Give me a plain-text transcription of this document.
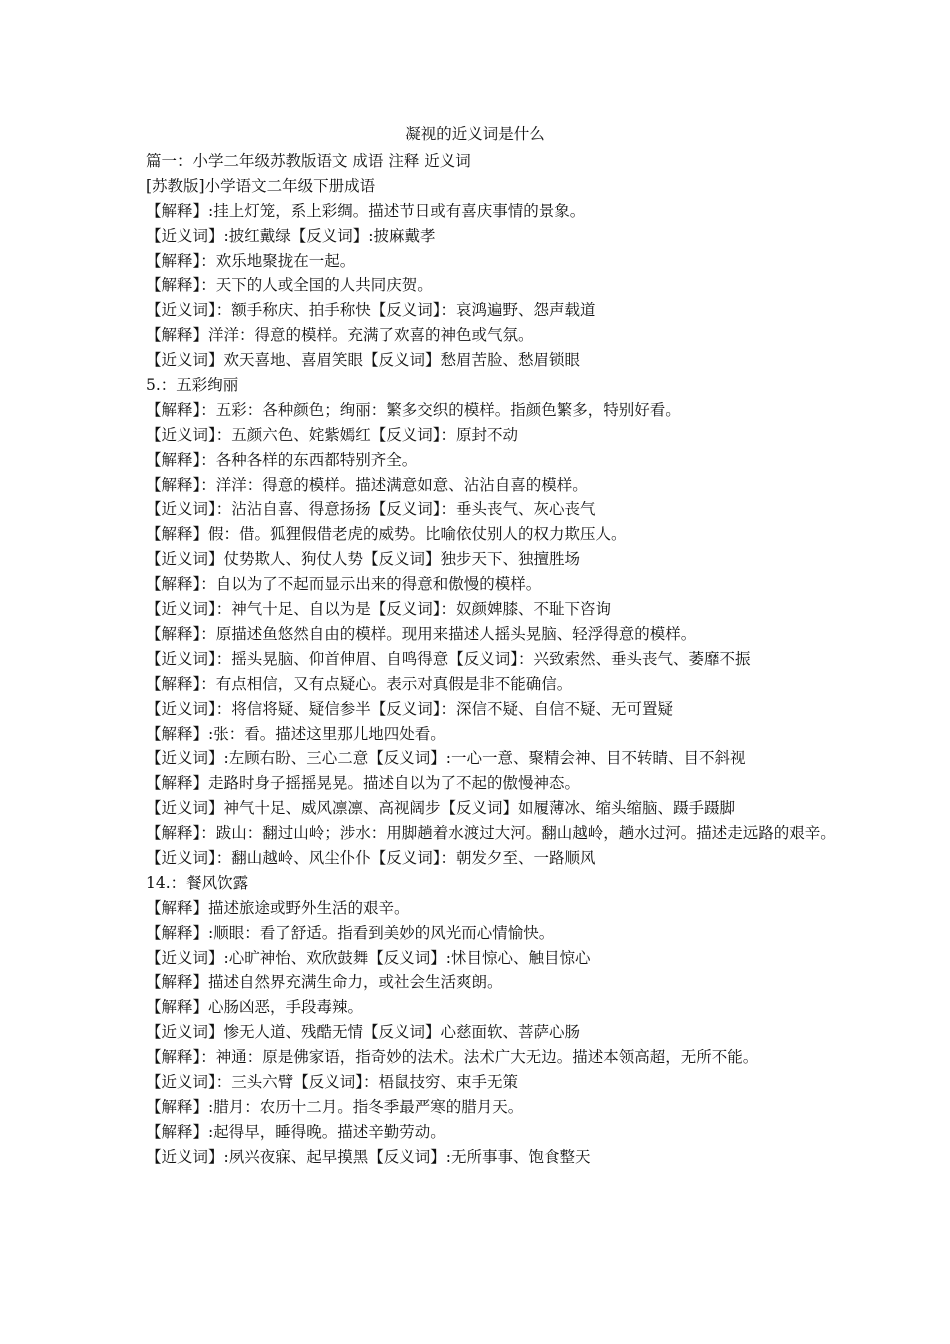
凝视的近义词是什么
篇一：小学二年级苏教版语文 成语 注释 近义词
[苏教版]小学语文二年级下册成语
【解释】:挂上灯笼，系上彩绸。描述节日或有喜庆事情的景象。
【近义词】:披红戴绿【反义词】:披麻戴孝
【解释】：欢乐地聚拢在一起。
【解释】：天下的人或全国的人共同庆贺。
【近义词】：额手称庆、拍手称快【反义词】：哀鸿遍野、怨声载道
【解释】洋洋：得意的模样。充满了欢喜的神色或气氛。
【近义词】欢天喜地、喜眉笑眼【反义词】愁眉苦脸、愁眉锁眼
5.：五彩绚丽
【解释】：五彩：各种颜色；绚丽：繁多交织的模样。指颜色繁多，特别好看。
【近义词】：五颜六色、姹紫嫣红【反义词】：原封不动
【解释】：各种各样的东西都特别齐全。
【解释】：洋洋：得意的模样。描述满意如意、沾沾自喜的模样。
【近义词】：沾沾自喜、得意扬扬【反义词】：垂头丧气、灰心丧气
【解释】假：借。狐狸假借老虎的威势。比喻依仗别人的权力欺压人。
【近义词】仗势欺人、狗仗人势【反义词】独步天下、独擅胜场
【解释】：自以为了不起而显示出来的得意和傲慢的模样。
【近义词】：神气十足、自以为是【反义词】：奴颜婢膝、不耻下咨询
【解释】：原描述鱼悠然自由的模样。现用来描述人摇头晃脑、轻浮得意的模样。
【近义词】：摇头晃脑、仰首伸眉、自鸣得意【反义词】：兴致索然、垂头丧气、萎靡不振
【解释】：有点相信，又有点疑心。表示对真假是非不能确信。
【近义词】：将信将疑、疑信参半【反义词】：深信不疑、自信不疑、无可置疑
【解释】:张：看。描述这里那儿地四处看。
【近义词】:左顾右盼、三心二意【反义词】:一心一意、聚精会神、目不转睛、目不斜视
【解释】走路时身子摇摇晃晃。描述自以为了不起的傲慢神态。
【近义词】神气十足、威风凛凛、高视阔步【反义词】如履薄冰、缩头缩脑、蹑手蹑脚
【解释】：跋山：翻过山岭；涉水：用脚趟着水渡过大河。翻山越岭，趟水过河。描述走远路的艰辛。
【近义词】：翻山越岭、风尘仆仆【反义词】：朝发夕至、一路顺风
14.：餐风饮露
【解释】描述旅途或野外生活的艰辛。
【解释】:顺眼：看了舒适。指看到美妙的风光而心情愉快。
【近义词】:心旷神怡、欢欣鼓舞【反义词】:怵目惊心、触目惊心
【解释】描述自然界充满生命力，或社会生活爽朗。
【解释】心肠凶恶，手段毒辣。
【近义词】惨无人道、残酷无情【反义词】心慈面软、菩萨心肠
【解释】：神通：原是佛家语，指奇妙的法术。法术广大无边。描述本领高超，无所不能。
【近义词】：三头六臂【反义词】：梧鼠技穷、束手无策
【解释】:腊月：农历十二月。指冬季最严寒的腊月天。
【解释】:起得早，睡得晚。描述辛勤劳动。
【近义词】:夙兴夜寐、起早摸黑【反义词】:无所事事、饱食整天
